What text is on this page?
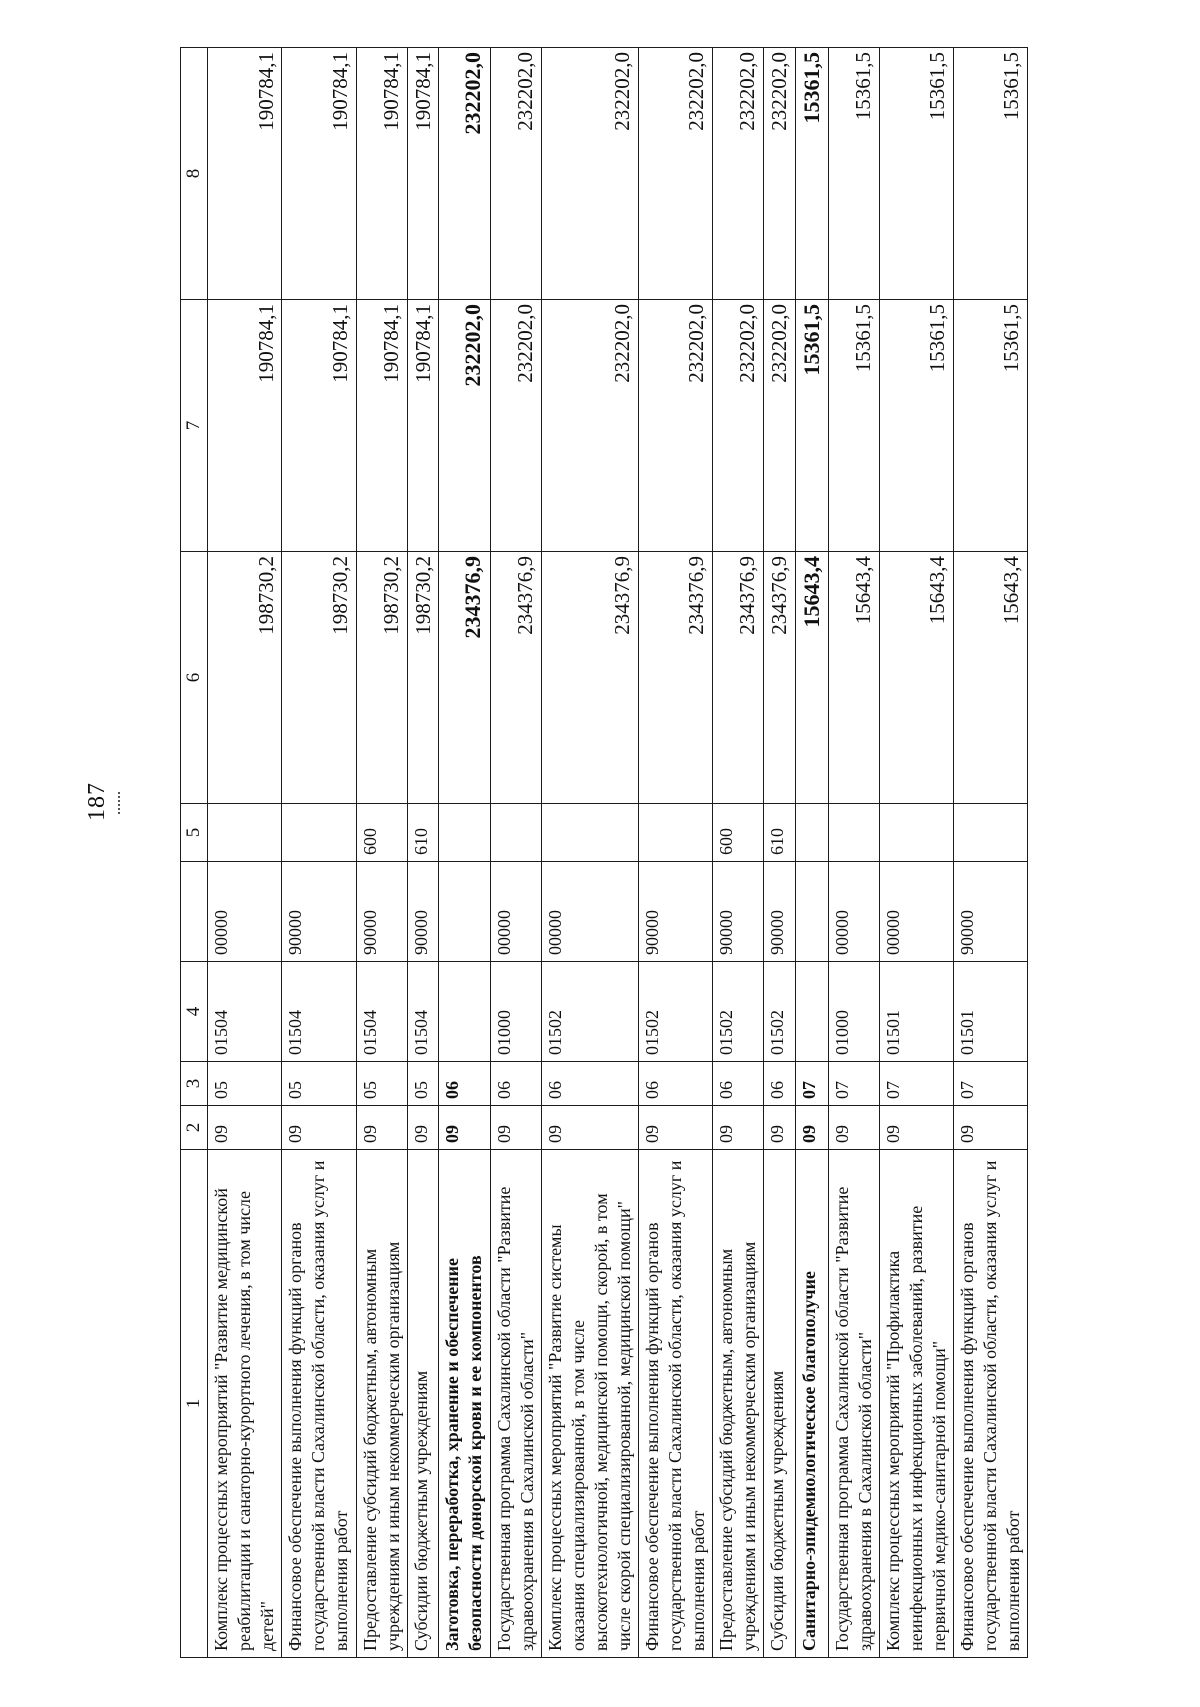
187
1	2	3	4		5	6	7	8
Комплекс процессных мероприятий "Развитие медицинской реабилитации и санаторно-курортного лечения, в том числе детей"	09	05	01504	00000		198730,2	190784,1	190784,1
Финансовое обеспечение выполнения функций органов государственной власти Сахалинской области, оказания услуг и выполнения работ	09	05	01504	90000		198730,2	190784,1	190784,1
Предоставление субсидий бюджетным, автономным учреждениям и иным некоммерческим организациям	09	05	01504	90000	600	198730,2	190784,1	190784,1
Субсидии бюджетным учреждениям	09	05	01504	90000	610	198730,2	190784,1	190784,1
Заготовка, переработка, хранение и обеспечение безопасности донорской крови и ее компонентов	09	06				234376,9	232202,0	232202,0
Государственная программа Сахалинской области "Развитие здравоохранения в Сахалинской области"	09	06	01000	00000		234376,9	232202,0	232202,0
Комплекс процессных мероприятий "Развитие системы оказания специализированной, в том числе высокотехнологичной, медицинской помощи, скорой, в том числе скорой специализированной, медицинской помощи"	09	06	01502	00000		234376,9	232202,0	232202,0
Финансовое обеспечение выполнения функций органов государственной власти Сахалинской области, оказания услуг и выполнения работ	09	06	01502	90000		234376,9	232202,0	232202,0
Предоставление субсидий бюджетным, автономным учреждениям и иным некоммерческим организациям	09	06	01502	90000	600	234376,9	232202,0	232202,0
Субсидии бюджетным учреждениям	09	06	01502	90000	610	234376,9	232202,0	232202,0
Санитарно-эпидемиологическое благополучие	09	07				15643,4	15361,5	15361,5
Государственная программа Сахалинской области "Развитие здравоохранения в Сахалинской области"	09	07	01000	00000		15643,4	15361,5	15361,5
Комплекс процессных мероприятий "Профилактика неинфекционных и инфекционных заболеваний, развитие первичной медико-санитарной помощи"	09	07	01501	00000		15643,4	15361,5	15361,5
Финансовое обеспечение выполнения функций органов государственной власти Сахалинской области, оказания услуг и выполнения работ	09	07	01501	90000		15643,4	15361,5	15361,5
